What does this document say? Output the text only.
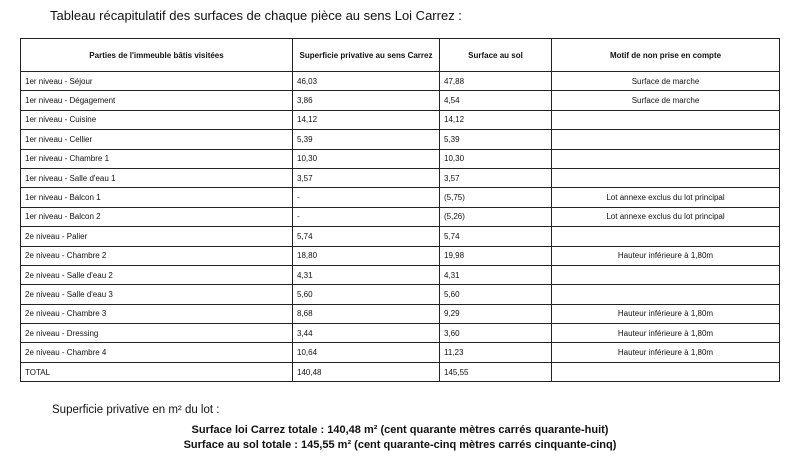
Tableau récapitulatif des surfaces de chaque pièce au sens Loi Carrez :
Parties de l'immeuble bâtis visitées	Superficie privative au sens Carrez	Surface au sol	Motif de non prise en compte
1er niveau - Séjour	46,03	47,88	Surface de marche
1er niveau - Dégagement	3,86	4,54	Surface de marche
1er niveau - Cuisine	14,12	14,12	
1er niveau - Cellier	5,39	5,39	
1er niveau - Chambre 1	10,30	10,30	
1er niveau - Salle d'eau 1	3,57	3,57	
1er niveau - Balcon 1	-	(5,75)	Lot annexe exclus du lot principal
1er niveau - Balcon 2	-	(5,26)	Lot annexe exclus du lot principal
2e niveau - Palier	5,74	5,74	
2e niveau - Chambre 2	18,80	19,98	Hauteur inférieure à 1,80m
2e niveau - Salle d'eau 2	4,31	4,31	
2e niveau - Salle d'eau 3	5,60	5,60	
2e niveau - Chambre 3	8,68	9,29	Hauteur inférieure à 1,80m
2e niveau - Dressing	3,44	3,60	Hauteur inférieure à 1,80m
2e niveau - Chambre 4	10,64	11,23	Hauteur inférieure à 1,80m
TOTAL	140,48	145,55	
Superficie privative en m² du lot :
Surface loi Carrez totale : 140,48 m² (cent quarante mètres carrés quarante-huit)
Surface au sol totale : 145,55 m² (cent quarante-cinq mètres carrés cinquante-cinq)
